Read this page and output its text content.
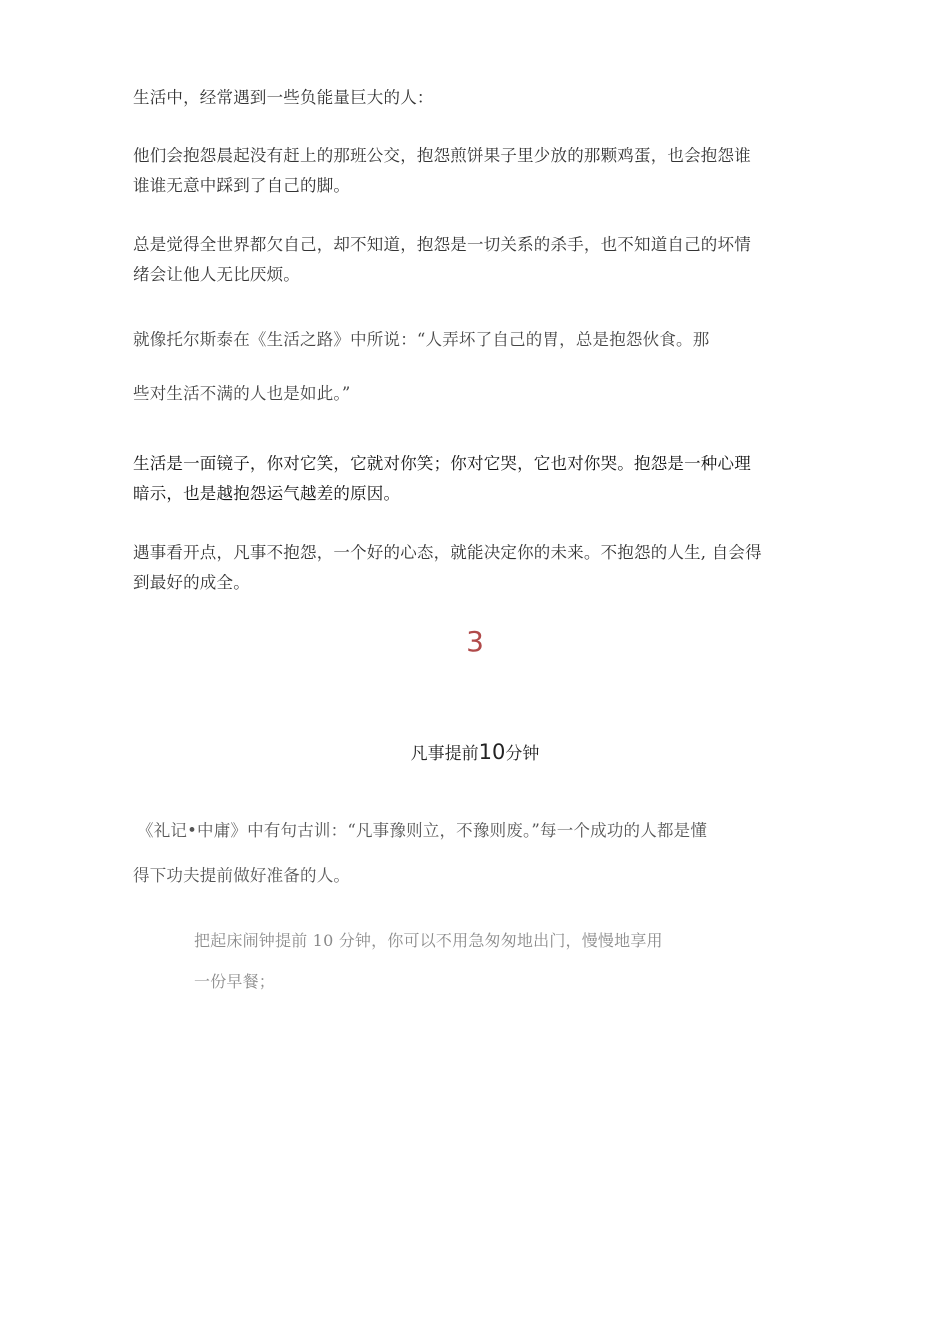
生活中，经常遇到一些负能量巨大的人：
他们会抱怨晨起没有赶上的那班公交，抱怨煎饼果子里少放的那颗鸡蛋，也会抱怨谁
谁谁无意中踩到了自己的脚。
总是觉得全世界都欠自己，却不知道，抱怨是一切关系的杀手，也不知道自己的坏情
绪会让他人无比厌烦。
就像托尔斯泰在《生活之路》中所说：“人弄坏了自己的胃，总是抱怨伙食。那
些对生活不满的人也是如此。”
生活是一面镜子，你对它笑，它就对你笑；你对它哭，它也对你哭。抱怨是一种心理
暗示，也是越抱怨运气越差的原因。
遇事看开点，凡事不抱怨，一个好的心态，就能决定你的未来。不抱怨的人生, 自会得
到最好的成全。
3
凡事提前10分钟
《礼记•中庸》中有句古训：“凡事豫则立，不豫则废。”每一个成功的人都是懂
得下功夫提前做好准备的人。
把起床闹钟提前 10 分钟，你可以不用急匆匆地出门，慢慢地享用
一份早餐；
